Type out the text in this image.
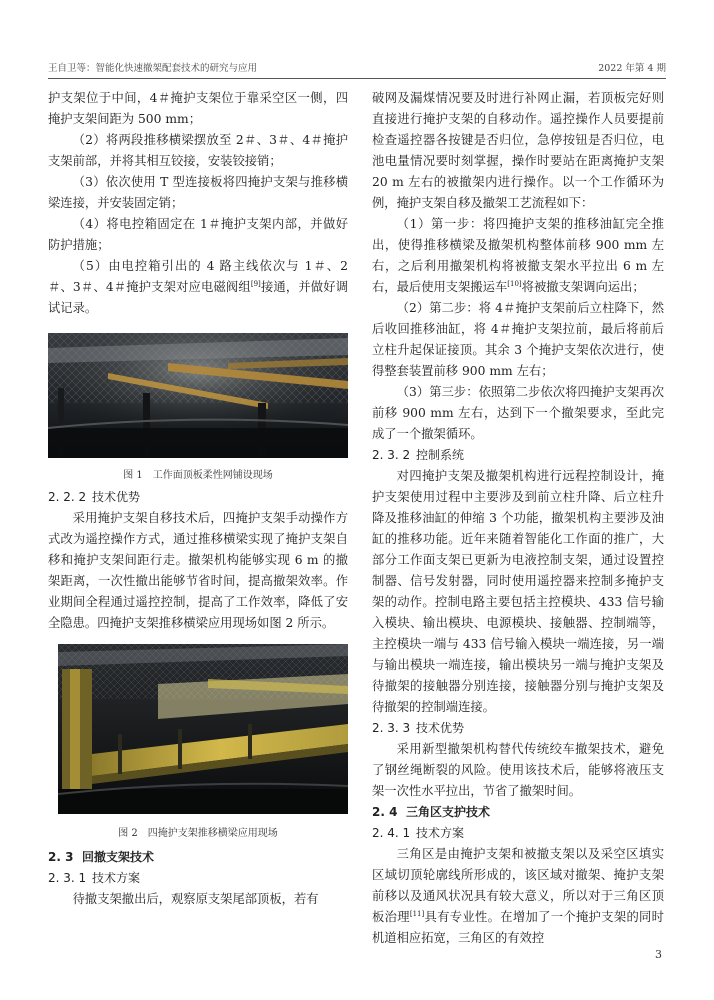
王自卫等：智能化快速撤架配套技术的研究与应用	2022 年第 4 期

护支架位于中间，4＃掩护支架位于靠采空区一侧，四掩护支架间距为 500 mm；

（2）将两段推移横梁摆放至 2＃、3＃、4＃掩护支架前部，并将其相互铰接，安装铰接销；

（3）依次使用 T 型连接板将四掩护支架与推移横梁连接，并安装固定销；

（4）将电控箱固定在 1＃掩护支架内部，并做好防护措施；

（5）由电控箱引出的 4 路主线依次与 1＃、2＃、3＃、4＃掩护支架对应电磁阀组[9]接通，并做好调试记录。

图 1　工作面顶板柔性网铺设现场
2. 2. 2 技术优势

采用掩护支架自移技术后，四掩护支架手动操作方式改为遥控操作方式，通过推移横梁实现了掩护支架自移和掩护支架间距行走。撤架机构能够实现 6 m 的撤架距离，一次性撤出能够节省时间，提高撤架效率。作业期间全程通过遥控控制，提高了工作效率，降低了安全隐患。四掩护支架推移横梁应用现场如图 2 所示。

图 2　四掩护支架推移横梁应用现场
2. 3 回撤支架技术
2. 3. 1 技术方案

待撤支架撤出后，观察原支架尾部顶板，若有

破网及漏煤情况要及时进行补网止漏，若顶板完好则直接进行掩护支架的自移动作。遥控操作人员要提前检查遥控器各按键是否归位，急停按钮是否归位，电池电量情况要时刻掌握，操作时要站在距离掩护支架 20 m 左右的被撤架内进行操作。以一个工作循环为例，掩护支架自移及撤架工艺流程如下：

（1）第一步：将四掩护支架的推移油缸完全推出，使得推移横梁及撤架机构整体前移 900 mm 左右，之后利用撤架机构将被撤支架水平拉出 6 m 左右，最后使用支架搬运车[10]将被撤支架调向运出；

（2）第二步：将 4＃掩护支架前后立柱降下，然后收回推移油缸，将 4＃掩护支架拉前，最后将前后立柱升起保证接顶。其余 3 个掩护支架依次进行，使得整套装置前移 900 mm 左右；

（3）第三步：依照第二步依次将四掩护支架再次前移 900 mm 左右，达到下一个撤架要求，至此完成了一个撤架循环。

2. 3. 2 控制系统

对四掩护支架及撤架机构进行远程控制设计，掩护支架使用过程中主要涉及到前立柱升降、后立柱升降及推移油缸的伸缩 3 个功能，撤架机构主要涉及油缸的推移功能。近年来随着智能化工作面的推广，大部分工作面支架已更新为电液控制支架，通过设置控制器、信号发射器，同时使用遥控器来控制多掩护支架的动作。控制电路主要包括主控模块、433 信号输入模块、输出模块、电源模块、接触器、控制端等，主控模块一端与 433 信号输入模块一端连接，另一端与输出模块一端连接，输出模块另一端与掩护支架及待撤架的接触器分别连接，接触器分别与掩护支架及待撤架的控制端连接。

2. 3. 3 技术优势

采用新型撤架机构替代传统绞车撤架技术，避免了钢丝绳断裂的风险。使用该技术后，能够将液压支架一次性水平拉出，节省了撤架时间。

2. 4 三角区支护技术
2. 4. 1 技术方案

三角区是由掩护支架和被撤支架以及采空区填实区域切顶轮廓线所形成的，该区域对撤架、掩护支架前移以及通风状况具有较大意义，所以对于三角区顶板治理[11]具有专业性。在增加了一个掩护支架的同时机道相应拓宽，三角区的有效控

3
